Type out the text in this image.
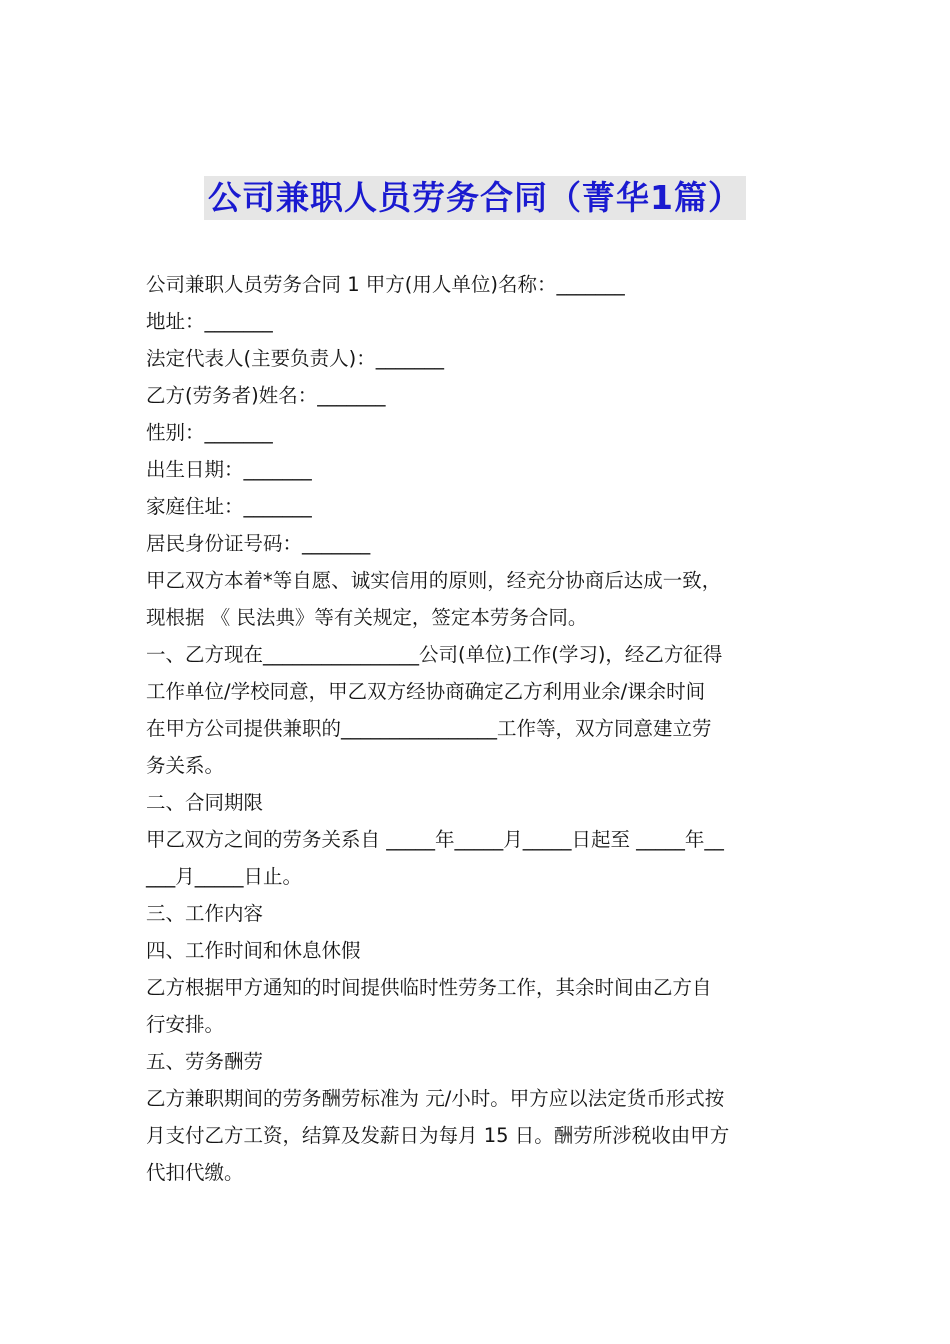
公司兼职人员劳务合同（菁华1篇）
公司兼职人员劳务合同 1 甲方(用人单位)名称：_______
地址：_______
法定代表人(主要负责人)：_______
乙方(劳务者)姓名：_______
性别：_______
出生日期：_______
家庭住址：_______
居民身份证号码：_______
甲乙双方本着*等自愿、诚实信用的原则，经充分协商后达成一致，
现根据 《 民法典》等有关规定，签定本劳务合同。
一、乙方现在________________公司(单位)工作(学习)，经乙方征得
工作单位/学校同意，甲乙双方经协商确定乙方利用业余/课余时间
在甲方公司提供兼职的________________工作等，双方同意建立劳
务关系。
二、合同期限
甲乙双方之间的劳务关系自 _____年_____月_____日起至 _____年__
___月_____日止。
三、工作内容
四、工作时间和休息休假
乙方根据甲方通知的时间提供临时性劳务工作，其余时间由乙方自
行安排。
五、劳务酬劳
乙方兼职期间的劳务酬劳标准为 元/小时。甲方应以法定货币形式按
月支付乙方工资，结算及发薪日为每月 15 日。酬劳所涉税收由甲方
代扣代缴。
